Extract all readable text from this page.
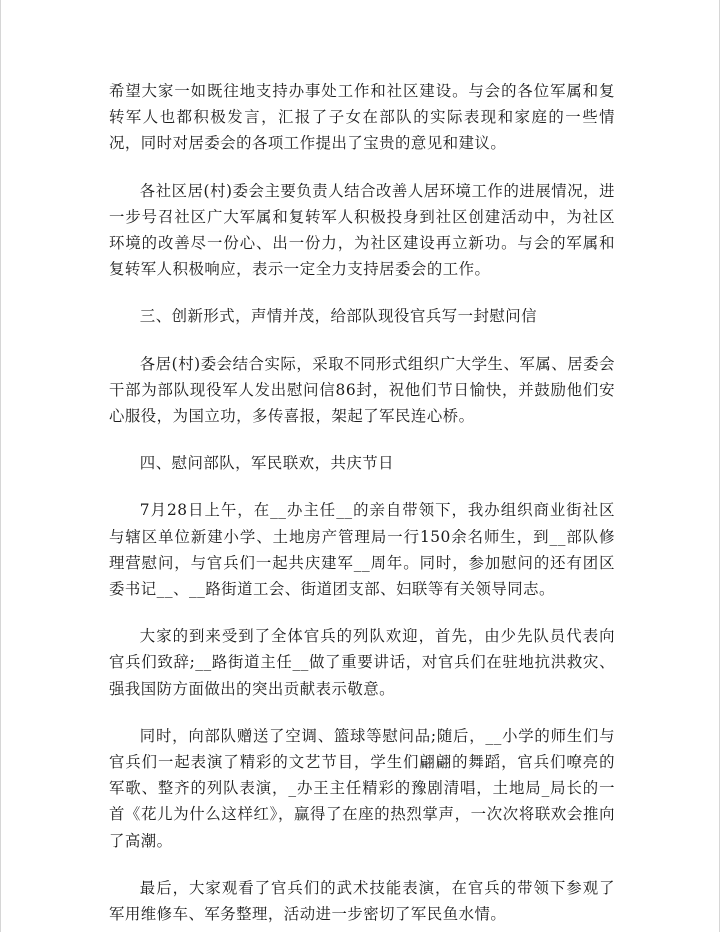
希望大家一如既往地支持办事处工作和社区建设。与会的各位军属和复转军人也都积极发言，汇报了子女在部队的实际表现和家庭的一些情况，同时对居委会的各项工作提出了宝贵的意见和建议。

各社区居(村)委会主要负责人结合改善人居环境工作的进展情况，进一步号召社区广大军属和复转军人积极投身到社区创建活动中，为社区环境的改善尽一份心、出一份力，为社区建设再立新功。与会的军属和复转军人积极响应，表示一定全力支持居委会的工作。

三、创新形式，声情并茂，给部队现役官兵写一封慰问信

各居(村)委会结合实际，采取不同形式组织广大学生、军属、居委会干部为部队现役军人发出慰问信86封，祝他们节日愉快，并鼓励他们安心服役，为国立功，多传喜报，架起了军民连心桥。

四、慰问部队，军民联欢，共庆节日

7月28日上午，在__办主任__的亲自带领下，我办组织商业街社区与辖区单位新建小学、土地房产管理局一行150余名师生，到__部队修理营慰问，与官兵们一起共庆建军__周年。同时，参加慰问的还有团区委书记__、__路街道工会、街道团支部、妇联等有关领导同志。

大家的到来受到了全体官兵的列队欢迎，首先，由少先队员代表向官兵们致辞;__路街道主任__做了重要讲话，对官兵们在驻地抗洪救灾、强我国防方面做出的突出贡献表示敬意。

同时，向部队赠送了空调、篮球等慰问品;随后，__小学的师生们与官兵们一起表演了精彩的文艺节目，学生们翩翩的舞蹈，官兵们嘹亮的军歌、整齐的列队表演，_办王主任精彩的豫剧清唱，土地局_局长的一首《花儿为什么这样红》，赢得了在座的热烈掌声，一次次将联欢会推向了高潮。

最后，大家观看了官兵们的武术技能表演，在官兵的带领下参观了军用维修车、军务整理，活动进一步密切了军民鱼水情。
